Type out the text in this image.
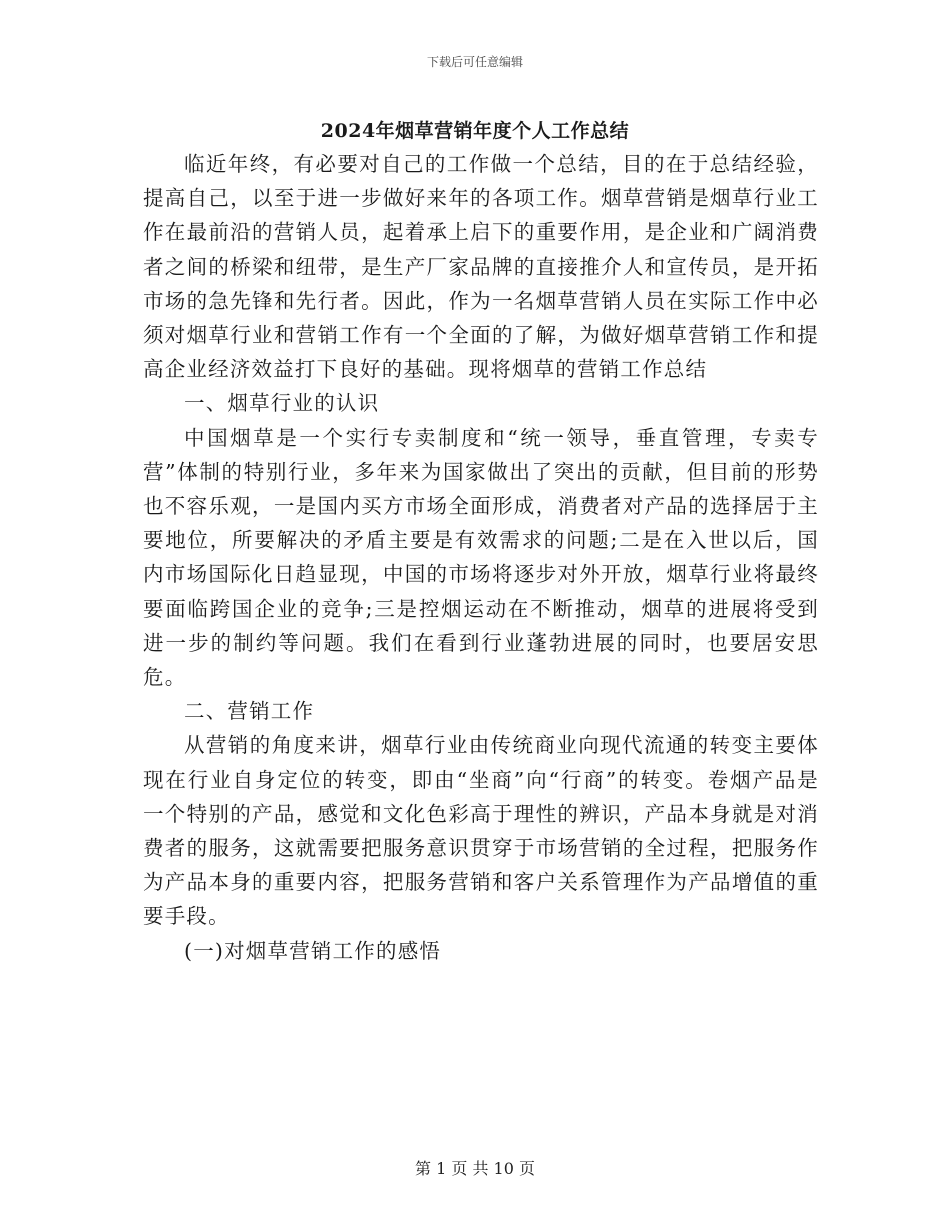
下载后可任意编辑
2024年烟草营销年度个人工作总结

临近年终，有必要对自己的工作做一个总结，目的在于总结经验，提高自己，以至于进一步做好来年的各项工作。烟草营销是烟草行业工作在最前沿的营销人员，起着承上启下的重要作用，是企业和广阔消费者之间的桥梁和纽带，是生产厂家品牌的直接推介人和宣传员，是开拓市场的急先锋和先行者。因此，作为一名烟草营销人员在实际工作中必须对烟草行业和营销工作有一个全面的了解，为做好烟草营销工作和提高企业经济效益打下良好的基础。现将烟草的营销工作总结

一、烟草行业的认识

中国烟草是一个实行专卖制度和“统一领导，垂直管理，专卖专营”体制的特别行业，多年来为国家做出了突出的贡献，但目前的形势也不容乐观，一是国内买方市场全面形成，消费者对产品的选择居于主要地位，所要解决的矛盾主要是有效需求的问题;二是在入世以后，国内市场国际化日趋显现，中国的市场将逐步对外开放，烟草行业将最终要面临跨国企业的竞争;三是控烟运动在不断推动，烟草的进展将受到进一步的制约等问题。我们在看到行业蓬勃进展的同时，也要居安思危。

二、营销工作

从营销的角度来讲，烟草行业由传统商业向现代流通的转变主要体现在行业自身定位的转变，即由“坐商”向“行商”的转变。卷烟产品是一个特别的产品，感觉和文化色彩高于理性的辨识，产品本身就是对消费者的服务，这就需要把服务意识贯穿于市场营销的全过程，把服务作为产品本身的重要内容，把服务营销和客户关系管理作为产品增值的重要手段。

(一)对烟草营销工作的感悟

第 1 页 共 10 页
